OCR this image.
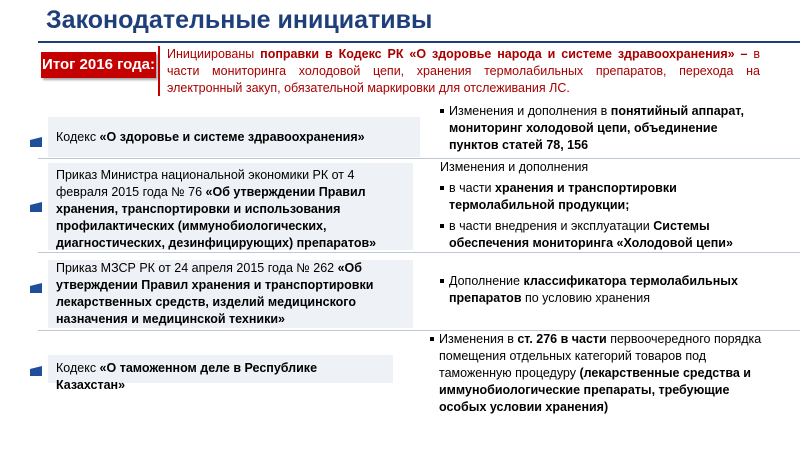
Законодательные инициативы
Итог 2016 года:
Инициированы поправки в Кодекс РК «О здоровье народа и системе здравоохранения» – в части мониторинга холодовой цепи, хранения термолабильных препаратов, перехода на электронный закуп, обязательной маркировки для отслеживания ЛС.
Кодекс «О здоровье и системе здравоохранения»
Изменения и дополнения в понятийный аппарат, мониторинг холодовой цепи, объединение пунктов статей 78, 156
Приказ Министра национальной экономики РК от 4 февраля 2015 года № 76 «Об утверждении Правил хранения, транспортировки и использования профилактических (иммунобиологических, диагностических, дезинфицирующих) препаратов»
Изменения и дополнения
в части хранения и транспортировки термолабильной продукции;
в части внедрения и эксплуатации Системы обеспечения мониторинга «Холодовой цепи»
Приказ МЗСР РК от 24 апреля 2015 года № 262 «Об утверждении Правил хранения и транспортировки лекарственных средств, изделий медицинского назначения и медицинской техники»
Дополнение классификатора термолабильных препаратов по условию хранения
Кодекс «О таможенном деле в Республике Казахстан»
Изменения в ст. 276 в части первоочередного порядка помещения отдельных категорий товаров под таможенную процедуру (лекарственные средства и иммунобиологические препараты, требующие особых условии хранения)
